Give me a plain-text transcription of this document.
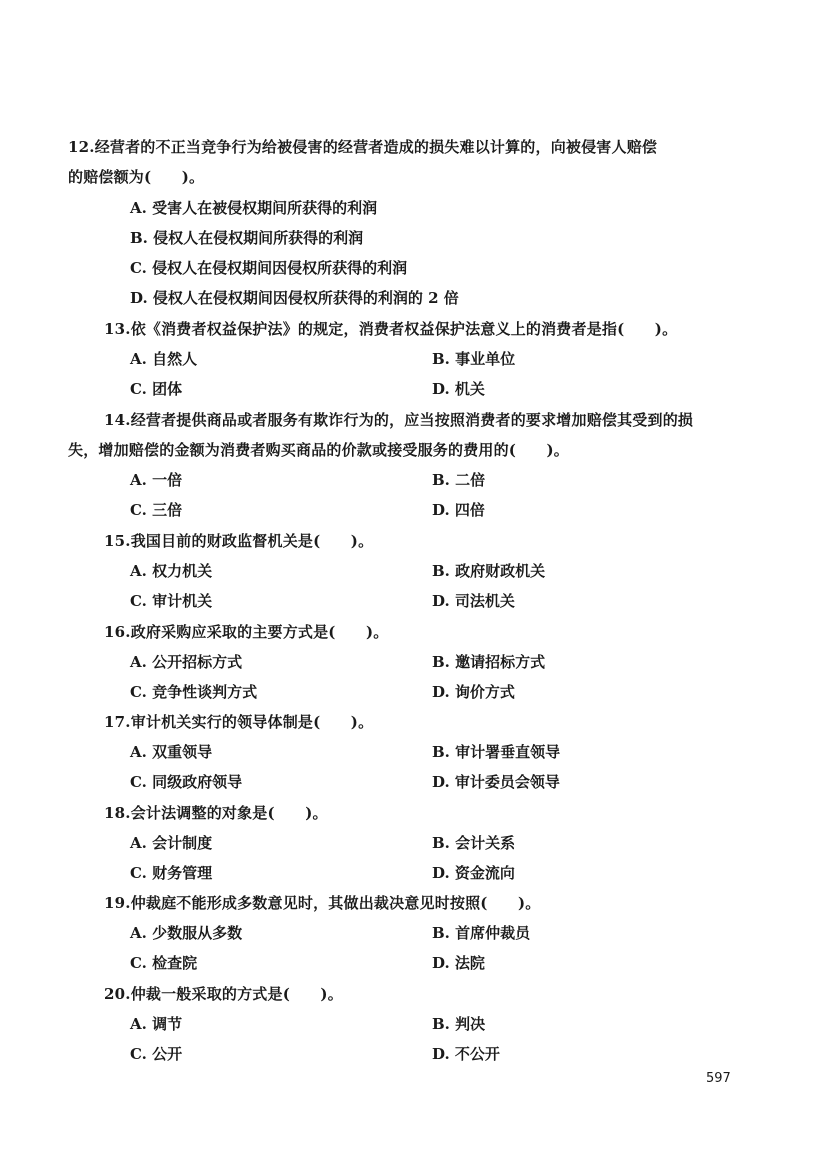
12.经营者的不正当竞争行为给被侵害的经营者造成的损失难以计算的，向被侵害人赔偿
的赔偿额为(　　)。
A. 受害人在被侵权期间所获得的利润
B. 侵权人在侵权期间所获得的利润
C. 侵权人在侵权期间因侵权所获得的利润
D. 侵权人在侵权期间因侵权所获得的利润的 2 倍
13.依《消费者权益保护法》的规定，消费者权益保护法意义上的消费者是指(　　)。
A. 自然人	B. 事业单位
C. 团体	D. 机关
14.经营者提供商品或者服务有欺诈行为的，应当按照消费者的要求增加赔偿其受到的损
失，增加赔偿的金额为消费者购买商品的价款或接受服务的费用的(　　)。
A. 一倍	B. 二倍
C. 三倍	D. 四倍
15.我国目前的财政监督机关是(　　)。
A. 权力机关	B. 政府财政机关
C. 审计机关	D. 司法机关
16.政府采购应采取的主要方式是(　　)。
A. 公开招标方式	B. 邀请招标方式
C. 竞争性谈判方式	D. 询价方式
17.审计机关实行的领导体制是(　　)。
A. 双重领导	B. 审计署垂直领导
C. 同级政府领导	D. 审计委员会领导
18.会计法调整的对象是(　　)。
A. 会计制度	B. 会计关系
C. 财务管理	D. 资金流向
19.仲裁庭不能形成多数意见时，其做出裁决意见时按照(　　)。
A. 少数服从多数	B. 首席仲裁员
C. 检查院	D. 法院
20.仲裁一般采取的方式是(　　)。
A. 调节	B. 判决
C. 公开	D. 不公开
597
